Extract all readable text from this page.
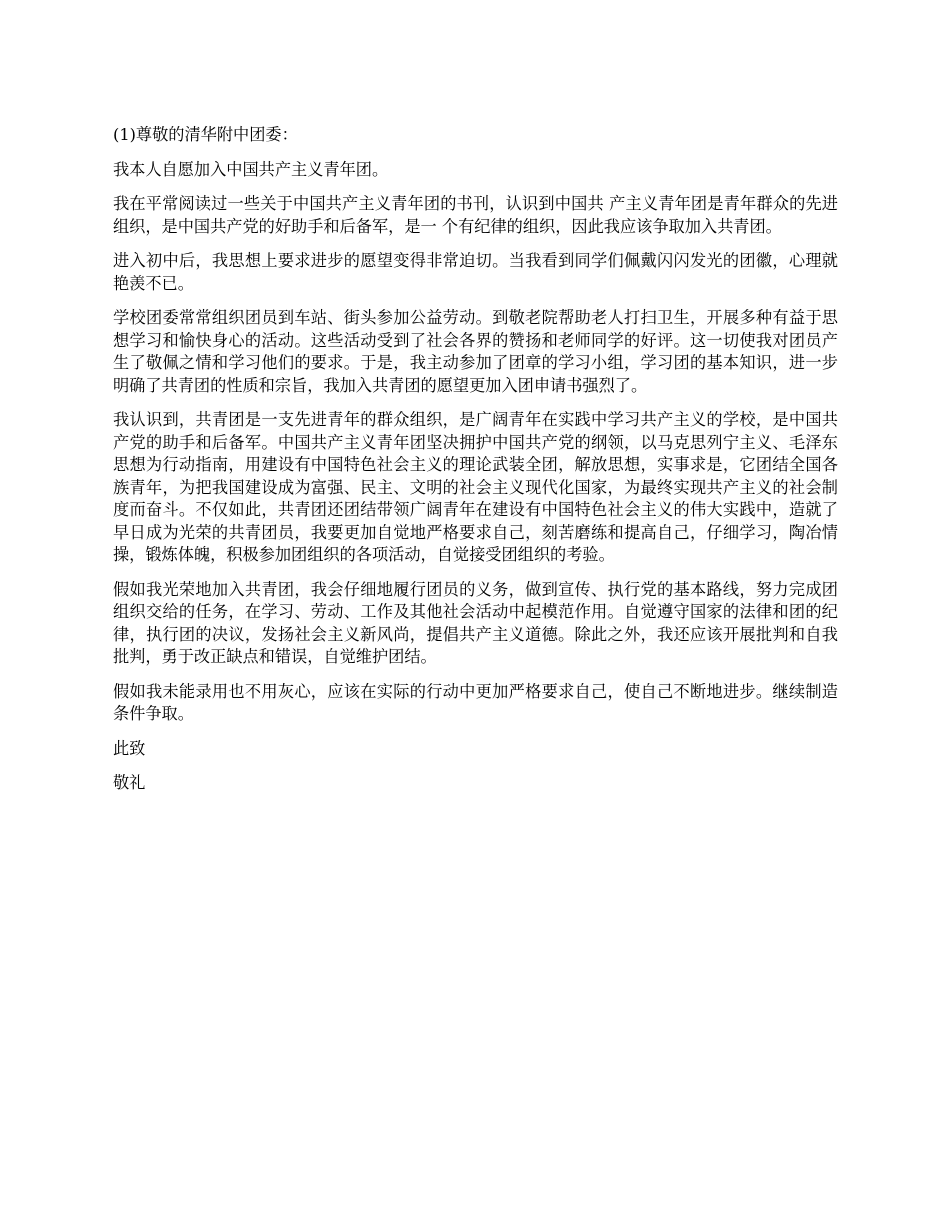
(1)尊敬的清华附中团委：

我本人自愿加入中国共产主义青年团。

我在平常阅读过一些关于中国共产主义青年团的书刊，认识到中国共 产主义青年团是青年群众的先进组织，是中国共产党的好助手和后备军，是一 个有纪律的组织，因此我应该争取加入共青团。

进入初中后，我思想上要求进步的愿望变得非常迫切。当我看到同学们佩戴闪闪发光的团徽，心理就艳羡不已。

学校团委常常组织团员到车站、街头参加公益劳动。到敬老院帮助老人打扫卫生，开展多种有益于思想学习和愉快身心的活动。这些活动受到了社会各界的赞扬和老师同学的好评。这一切使我对团员产生了敬佩之情和学习他们的要求。于是，我主动参加了团章的学习小组，学习团的基本知识，进一步明确了共青团的性质和宗旨，我加入共青团的愿望更加入团申请书强烈了。

我认识到，共青团是一支先进青年的群众组织，是广阔青年在实践中学习共产主义的学校，是中国共产党的助手和后备军。中国共产主义青年团坚决拥护中国共产党的纲领，以马克思列宁主义、毛泽东思想为行动指南，用建设有中国特色社会主义的理论武装全团，解放思想，实事求是，它团结全国各族青年，为把我国建设成为富强、民主、文明的社会主义现代化国家，为最终实现共产主义的社会制度而奋斗。不仅如此，共青团还团结带领广阔青年在建设有中国特色社会主义的伟大实践中，造就了早日成为光荣的共青团员，我要更加自觉地严格要求自己，刻苦磨练和提高自己，仔细学习，陶冶情操，锻炼体魄，积极参加团组织的各项活动，自觉接受团组织的考验。

假如我光荣地加入共青团，我会仔细地履行团员的义务，做到宣传、执行党的基本路线，努力完成团组织交给的任务，在学习、劳动、工作及其他社会活动中起模范作用。自觉遵守国家的法律和团的纪律，执行团的决议，发扬社会主义新风尚，提倡共产主义道德。除此之外，我还应该开展批判和自我批判，勇于改正缺点和错误，自觉维护团结。

假如我未能录用也不用灰心，应该在实际的行动中更加严格要求自己，使自己不断地进步。继续制造条件争取。

此致

敬礼
